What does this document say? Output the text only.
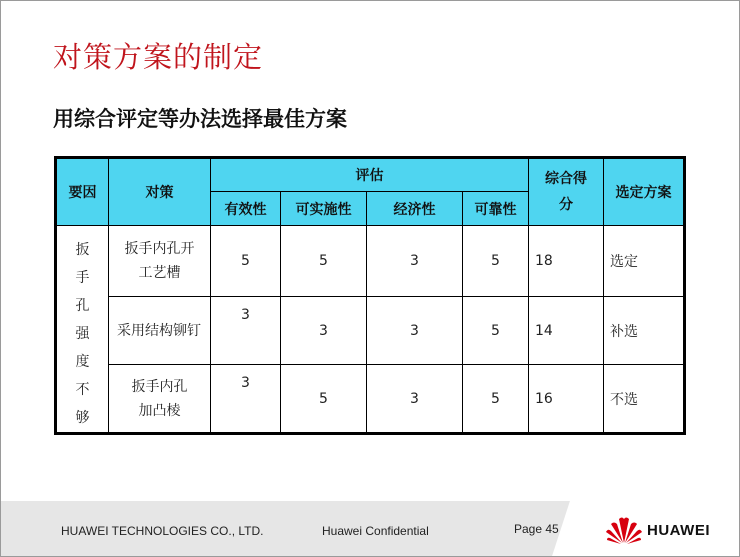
对策方案的制定
用综合评定等办法选择最佳方案
要因	对策	评估				综合得分	选定方案
		有效性	可实施性	经济性	可靠性		

扳手孔强度不够	扳手内孔开工艺槽	5	5	3	5	18	选定
	采用结构铆钉	3	3	3	5	14	补选
	扳手内孔加凸棱	3	5	3	5	16	不选
HUAWEI TECHNOLOGIES CO., LTD.	Huawei Confidential	Page 45	HUAWEI
